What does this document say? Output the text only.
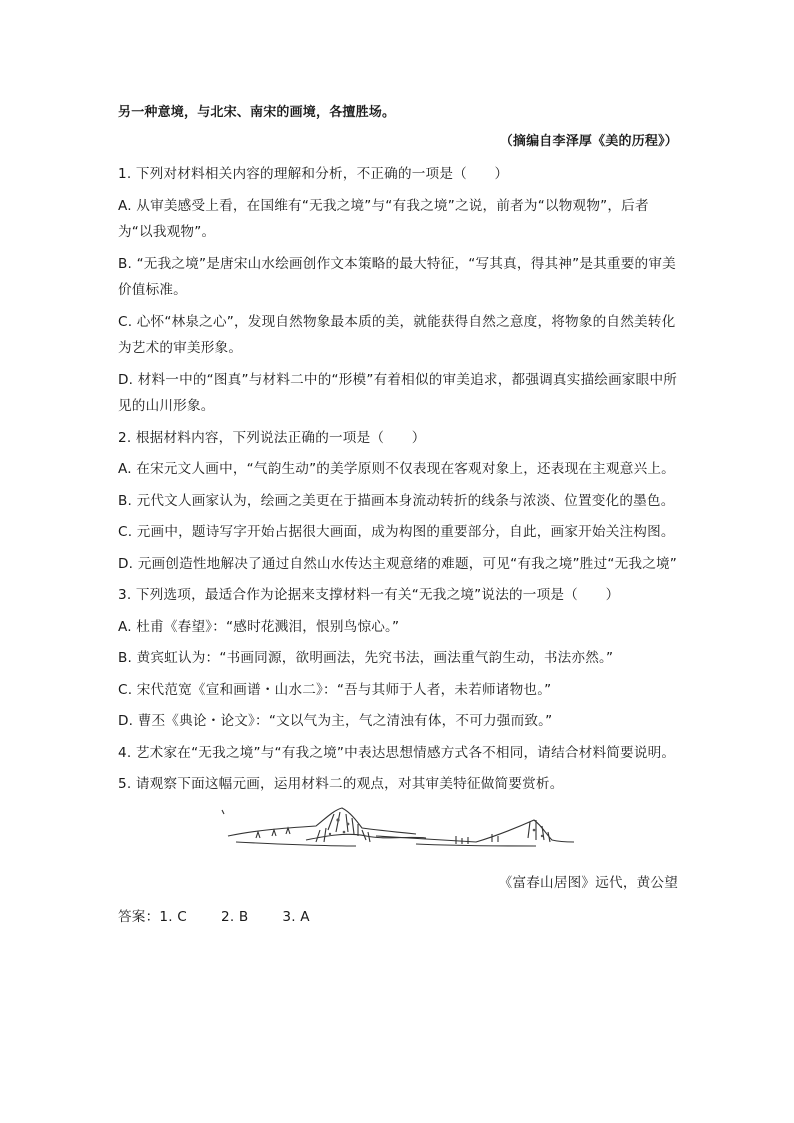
另一种意境，与北宋、南宋的画境，各擅胜场。

（摘编自李泽厚《美的历程》）

1. 下列对材料相关内容的理解和分析，不正确的一项是（　　）

A. 从审美感受上看，在国维有“无我之境”与“有我之境”之说，前者为“以物观物”，后者为“以我观物”。

B. “无我之境”是唐宋山水绘画创作文本策略的最大特征，“写其真，得其神”是其重要的审美价值标准。

C. 心怀“林泉之心”，发现自然物象最本质的美，就能获得自然之意度，将物象的自然美转化为艺术的审美形象。

D. 材料一中的“图真”与材料二中的“形模”有着相似的审美追求，都强调真实描绘画家眼中所见的山川形象。

2. 根据材料内容，下列说法正确的一项是（　　）

A. 在宋元文人画中，“气韵生动”的美学原则不仅表现在客观对象上，还表现在主观意兴上。

B. 元代文人画家认为，绘画之美更在于描画本身流动转折的线条与浓淡、位置变化的墨色。

C. 元画中，题诗写字开始占据很大画面，成为构图的重要部分，自此，画家开始关注构图。

D. 元画创造性地解决了通过自然山水传达主观意绪的难题，可见“有我之境”胜过“无我之境”

3. 下列选项，最适合作为论据来支撑材料一有关“无我之境”说法的一项是（　　）

A. 杜甫《春望》：“感时花溅泪，恨别鸟惊心。”

B. 黄宾虹认为：“书画同源，欲明画法，先究书法，画法重气韵生动，书法亦然。”

C. 宋代范宽《宣和画谱・山水二》：“吾与其师于人者，未若师诸物也。”

D. 曹丕《典论・论文》：“文以气为主，气之清浊有体，不可力强而致。”

4. 艺术家在“无我之境”与“有我之境”中表达思想情感方式各不相同，请结合材料简要说明。

5. 请观察下面这幅元画，运用材料二的观点，对其审美特征做简要赏析。

《富春山居图》远代，黄公望

答案：1. C	2. B	3. A
